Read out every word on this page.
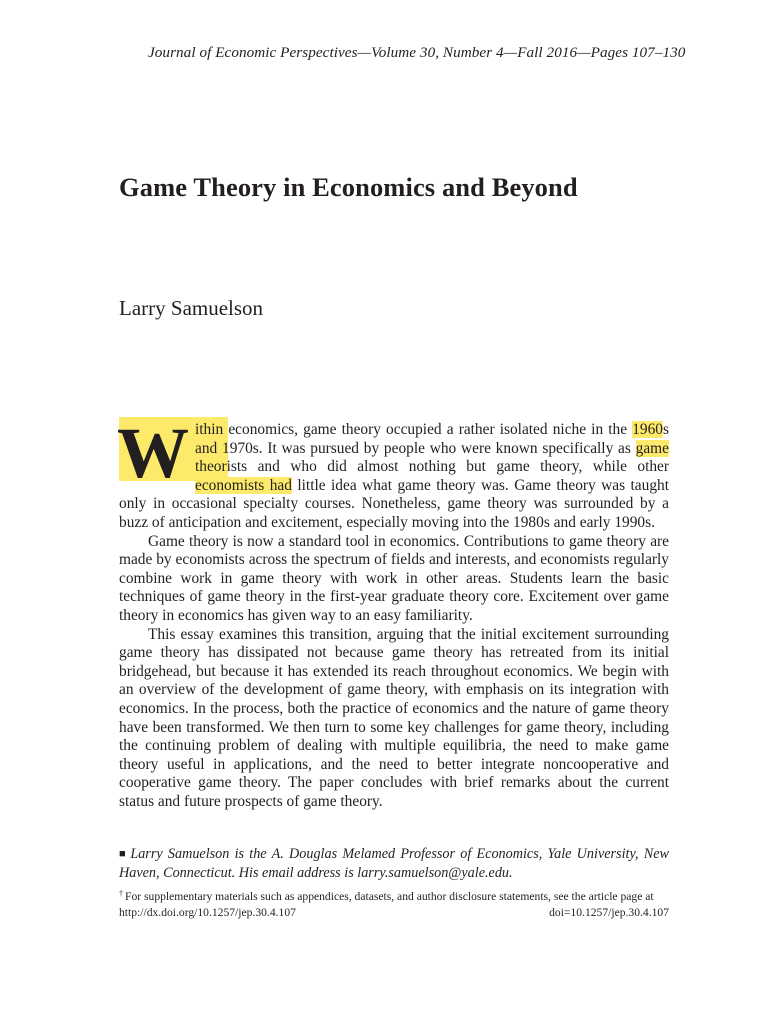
Journal of Economic Perspectives—Volume 30, Number 4—Fall 2016—Pages 107–130
Game Theory in Economics and Beyond
Larry Samuelson

Within economics, game theory occupied a rather isolated niche in the 1960s and 1970s. It was pursued by people who were known specifically as game theorists and who did almost nothing but game theory, while other economists had little idea what game theory was. Game theory was taught only in occasional specialty courses. Nonetheless, game theory was surrounded by a buzz of anticipation and excitement, especially moving into the 1980s and early 1990s.

Game theory is now a standard tool in economics. Contributions to game theory are made by economists across the spectrum of fields and interests, and economists regularly combine work in game theory with work in other areas. Students learn the basic techniques of game theory in the first-year graduate theory core. Excitement over game theory in economics has given way to an easy familiarity.

This essay examines this transition, arguing that the initial excitement surrounding game theory has dissipated not because game theory has retreated from its initial bridgehead, but because it has extended its reach throughout economics. We begin with an overview of the development of game theory, with emphasis on its integration with economics. In the process, both the practice of economics and the nature of game theory have been transformed. We then turn to some key challenges for game theory, including the continuing problem of dealing with multiple equilibria, the need to make game theory useful in applications, and the need to better integrate noncooperative and cooperative game theory. The paper concludes with brief remarks about the current status and future prospects of game theory.

■ Larry Samuelson is the A. Douglas Melamed Professor of Economics, Yale University, New Haven, Connecticut. His email address is larry.samuelson@yale.edu.
† For supplementary materials such as appendices, datasets, and author disclosure statements, see the article page at
http://dx.doi.org/10.1257/jep.30.4.107	doi=10.1257/jep.30.4.107
